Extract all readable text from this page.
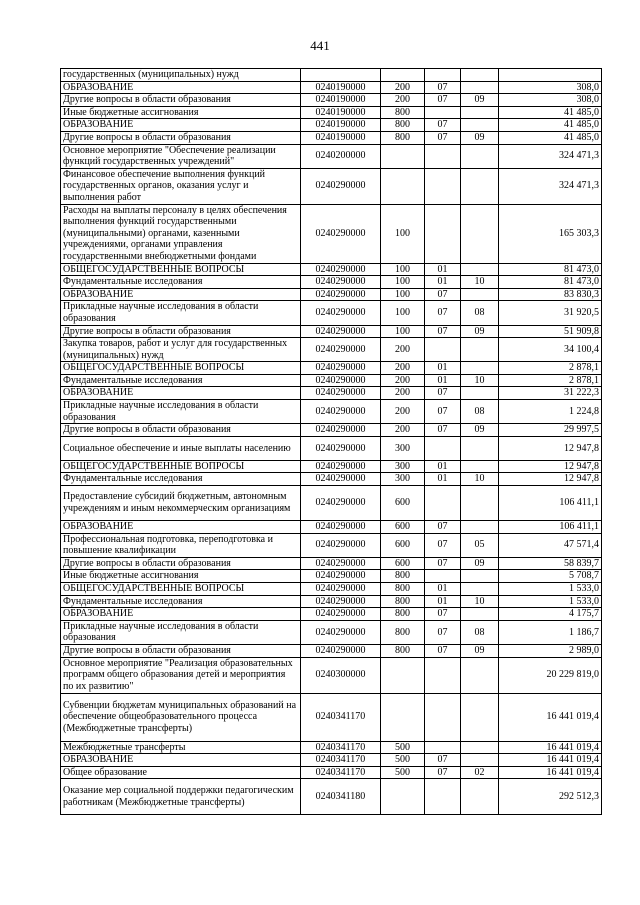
441
государственных (муниципальных) нужд					
ОБРАЗОВАНИЕ	0240190000	200	07		308,0
Другие вопросы в области образования	0240190000	200	07	09	308,0
Иные бюджетные ассигнования	0240190000	800			41 485,0
ОБРАЗОВАНИЕ	0240190000	800	07		41 485,0
Другие вопросы в области образования	0240190000	800	07	09	41 485,0
Основное мероприятие "Обеспечение реализации функций государственных учреждений"	0240200000				324 471,3
Финансовое обеспечение выполнения функций государственных органов, оказания услуг и выполнения работ	0240290000				324 471,3
Расходы на выплаты персоналу в целях обеспечения выполнения функций государственными (муниципальными) органами, казенными учреждениями, органами управления государственными внебюджетными фондами	0240290000	100			165 303,3
ОБЩЕГОСУДАРСТВЕННЫЕ ВОПРОСЫ	0240290000	100	01		81 473,0
Фундаментальные исследования	0240290000	100	01	10	81 473,0
ОБРАЗОВАНИЕ	0240290000	100	07		83 830,3
Прикладные научные исследования в области образования	0240290000	100	07	08	31 920,5
Другие вопросы в области образования	0240290000	100	07	09	51 909,8
Закупка товаров, работ и услуг для государственных (муниципальных) нужд	0240290000	200			34 100,4
ОБЩЕГОСУДАРСТВЕННЫЕ ВОПРОСЫ	0240290000	200	01		2 878,1
Фундаментальные исследования	0240290000	200	01	10	2 878,1
ОБРАЗОВАНИЕ	0240290000	200	07		31 222,3
Прикладные научные исследования в области образования	0240290000	200	07	08	1 224,8
Другие вопросы в области образования	0240290000	200	07	09	29 997,5
Социальное обеспечение и иные выплаты населению	0240290000	300			12 947,8
ОБЩЕГОСУДАРСТВЕННЫЕ ВОПРОСЫ	0240290000	300	01		12 947,8
Фундаментальные исследования	0240290000	300	01	10	12 947,8
Предоставление субсидий бюджетным, автономным учреждениям и иным некоммерческим организациям	0240290000	600			106 411,1
ОБРАЗОВАНИЕ	0240290000	600	07		106 411,1
Профессиональная подготовка, переподготовка и повышение квалификации	0240290000	600	07	05	47 571,4
Другие вопросы в области образования	0240290000	600	07	09	58 839,7
Иные бюджетные ассигнования	0240290000	800			5 708,7
ОБЩЕГОСУДАРСТВЕННЫЕ ВОПРОСЫ	0240290000	800	01		1 533,0
Фундаментальные исследования	0240290000	800	01	10	1 533,0
ОБРАЗОВАНИЕ	0240290000	800	07		4 175,7
Прикладные научные исследования в области образования	0240290000	800	07	08	1 186,7
Другие вопросы в области образования	0240290000	800	07	09	2 989,0
Основное мероприятие "Реализация образовательных программ общего образования детей и мероприятия по их развитию"	0240300000				20 229 819,0
Субвенции бюджетам муниципальных образований на обеспечение общеобразовательного процесса (Межбюджетные трансферты)	0240341170				16 441 019,4
Межбюджетные трансферты	0240341170	500			16 441 019,4
ОБРАЗОВАНИЕ	0240341170	500	07		16 441 019,4
Общее образование	0240341170	500	07	02	16 441 019,4
Оказание мер социальной поддержки педагогическим работникам (Межбюджетные трансферты)	0240341180				292 512,3
